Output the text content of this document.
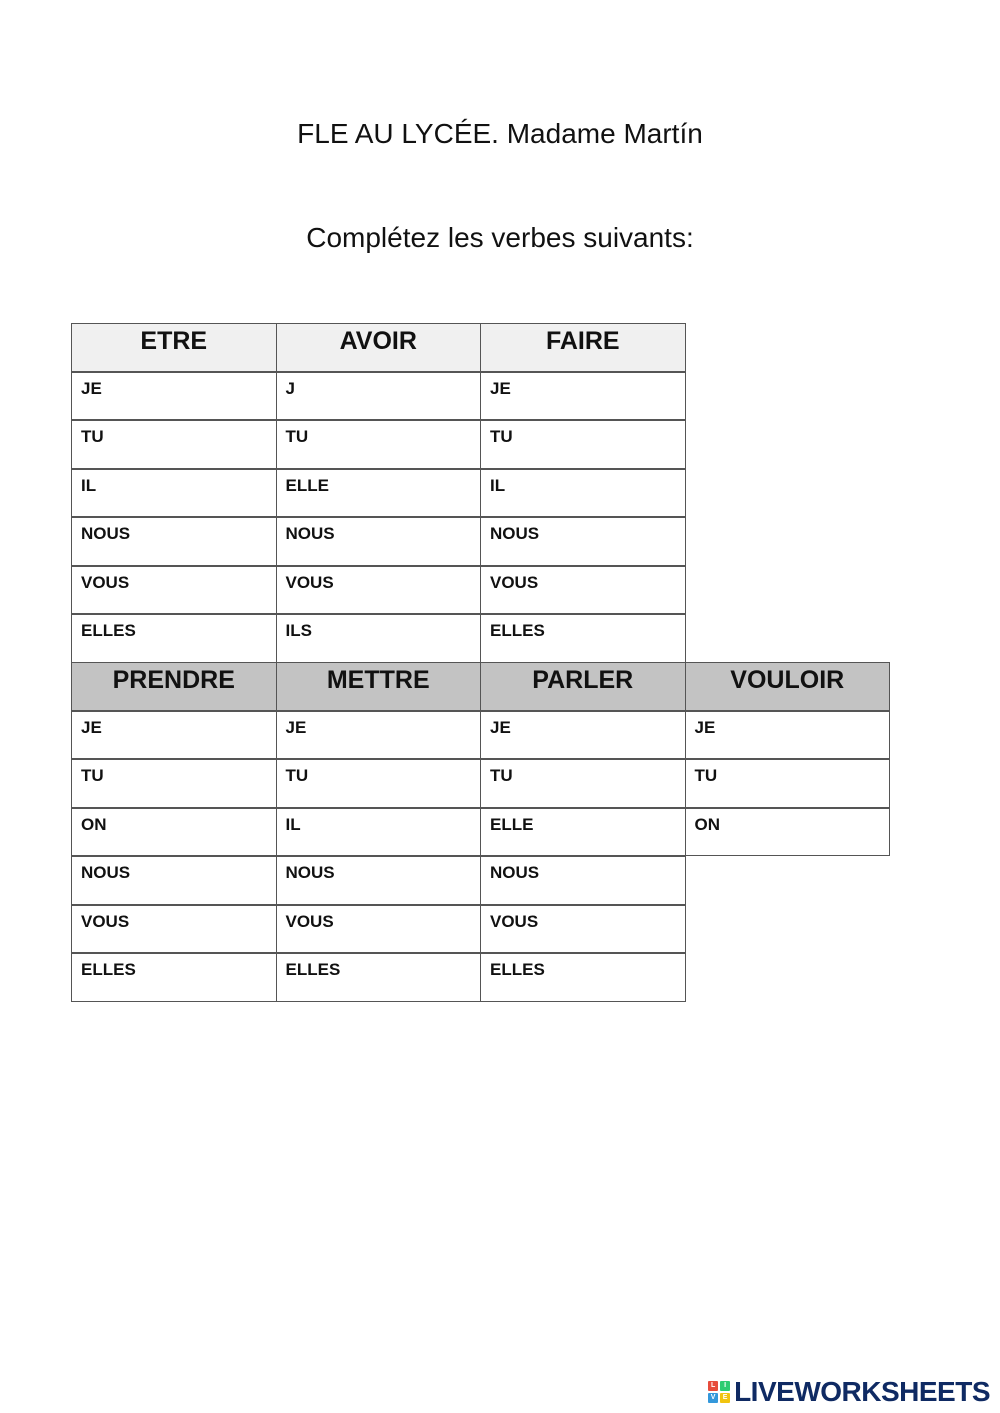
FLE AU LYCÉE. Madame Martín
Complétez les verbes suivants:
ETRE	AVOIR	FAIRE
JE	J	JE
TU	TU	TU
IL	ELLE	IL
NOUS	NOUS	NOUS
VOUS	VOUS	VOUS
ELLES	ILS	ELLES
PRENDRE	METTRE	PARLER	VOULOIR
JE	JE	JE	JE
TU	TU	TU	TU
ON	IL	ELLE	ON
NOUS	NOUS	NOUS
VOUS	VOUS	VOUS
ELLES	ELLES	ELLES
L	I
V	E LIVEWORKSHEETS
